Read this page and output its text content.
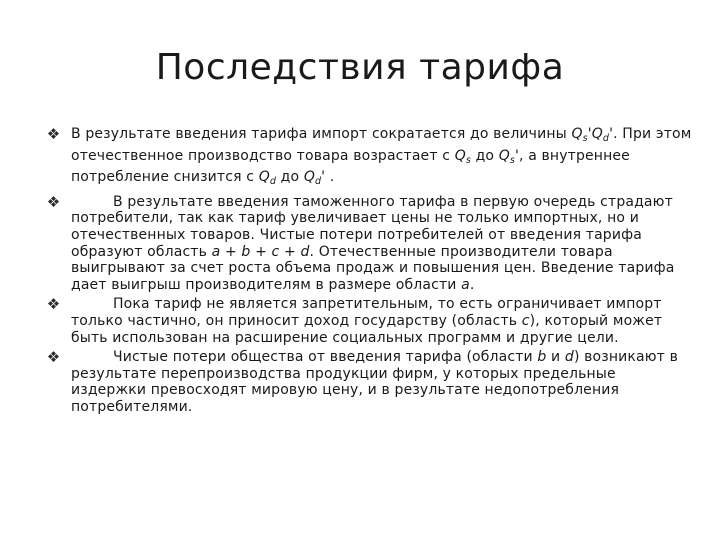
Последствия тарифа
❖ В результате введения тарифа импорт сократается до величины $Q_s'Q_d'$. При этом отечественное производство товара возрастает с $Q_s$ до $Q_s'$, а внутреннее потребление снизится с $Q_d$ до $Q_d'$ .
❖	В результате введения таможенного тарифа в первую очередь страдают потребители, так как тариф увеличивает цены не только импортных, но и отечественных товаров. Чистые потери потребителей от введения тарифа образуют область а + b + с + d. Отечественные производители товара выигрывают за счет роста объема продаж и повышения цен. Введение тарифа дает выигрыш производителям в размере области a.
❖	Пока тариф не является запретительным, то есть ограничивает импорт только частично, он приносит доход государству (область с), который может быть использован на расширение социальных программ и другие цели.
❖	Чистые потери общества от введения тарифа (области b и d) возникают в результате перепроизводства продукции фирм, у которых предельные издержки превосходят мировую цену, и в результате недопотребления потребителями.
